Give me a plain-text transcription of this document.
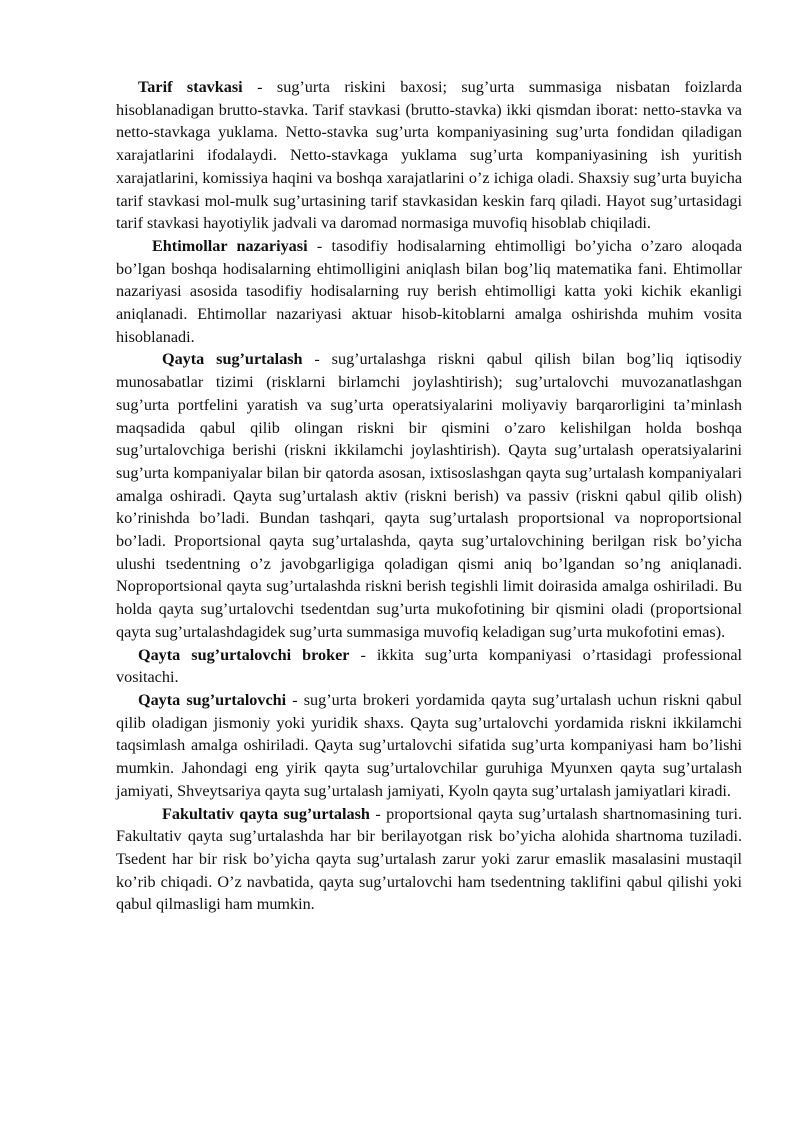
Tarif stavkasi - sug’urta riskini baxosi; sug’urta summasiga nisbatan foizlarda hisoblanadigan brutto-stavka. Tarif stavkasi (brutto-stavka) ikki qismdan iborat: netto-stavka va netto-stavkaga yuklama. Netto-stavka sug’urta kompaniyasining sug’urta fondidan qiladigan xarajatlarini ifodalaydi. Netto-stavkaga yuklama sug’urta kompaniyasining ish yuritish xarajatlarini, komissiya haqini va boshqa xarajatlarini o’z ichiga oladi. Shaxsiy sug’urta buyicha tarif stavkasi mol-mulk sug’urtasining tarif stavkasidan keskin farq qiladi. Hayot sug’urtasidagi tarif stavkasi hayotiylik jadvali va daromad normasiga muvofiq hisoblab chiqiladi.

Ehtimollar nazariyasi - tasodifiy hodisalarning ehtimolligi bo’yicha o’zaro aloqada bo’lgan boshqa hodisalarning ehtimolligini aniqlash bilan bog’liq matematika fani. Ehtimollar nazariyasi asosida tasodifiy hodisalarning ruy berish ehtimolligi katta yoki kichik ekanligi aniqlanadi. Ehtimollar nazariyasi aktuar hisob-kitoblarni amalga oshirishda muhim vosita hisoblanadi.

Qayta sug’urtalash - sug’urtalashga riskni qabul qilish bilan bog’liq iqtisodiy munosabatlar tizimi (risklarni birlamchi joylashtirish); sug’urtalovchi muvozanatlashgan sug’urta portfelini yaratish va sug’urta operatsiyalarini moliyaviy barqarorligini ta’minlash maqsadida qabul qilib olingan riskni bir qismini o’zaro kelishilgan holda boshqa sug’urtalovchiga berishi (riskni ikkilamchi joylashtirish). Qayta sug’urtalash operatsiyalarini sug’urta kompaniyalar bilan bir qatorda asosan, ixtisoslashgan qayta sug’urtalash kompaniyalari amalga oshiradi. Qayta sug’urtalash aktiv (riskni berish) va passiv (riskni qabul qilib olish) ko’rinishda bo’ladi. Bundan tashqari, qayta sug’urtalash proportsional va noproportsional bo’ladi. Proportsional qayta sug’urtalashda, qayta sug’urtalovchining berilgan risk bo’yicha ulushi tsedentning o’z javobgarligiga qoladigan qismi aniq bo’lgandan so’ng aniqlanadi. Noproportsional qayta sug’urtalashda riskni berish tegishli limit doirasida amalga oshiriladi. Bu holda qayta sug’urtalovchi tsedentdan sug’urta mukofotining bir qismini oladi (proportsional qayta sug’urtalashdagidek sug’urta summasiga muvofiq keladigan sug’urta mukofotini emas).

Qayta sug’urtalovchi broker - ikkita sug’urta kompaniyasi o’rtasidagi professional vositachi.

Qayta sug’urtalovchi - sug’urta brokeri yordamida qayta sug’urtalash uchun riskni qabul qilib oladigan jismoniy yoki yuridik shaxs. Qayta sug’urtalovchi yordamida riskni ikkilamchi taqsimlash amalga oshiriladi. Qayta sug’urtalovchi sifatida sug’urta kompaniyasi ham bo’lishi mumkin. Jahondagi eng yirik qayta sug’urtalovchilar guruhiga Myunxen qayta sug’urtalash jamiyati, Shveytsariya qayta sug’urtalash jamiyati, Kyoln qayta sug’urtalash jamiyatlari kiradi.

Fakultativ qayta sug’urtalash - proportsional qayta sug’urtalash shartnomasining turi. Fakultativ qayta sug’urtalashda har bir berilayotgan risk bo’yicha alohida shartnoma tuziladi. Tsedent har bir risk bo’yicha qayta sug’urtalash zarur yoki zarur emaslik masalasini mustaqil ko’rib chiqadi. O’z navbatida, qayta sug’urtalovchi ham tsedentning taklifini qabul qilishi yoki qabul qilmasligi ham mumkin.
